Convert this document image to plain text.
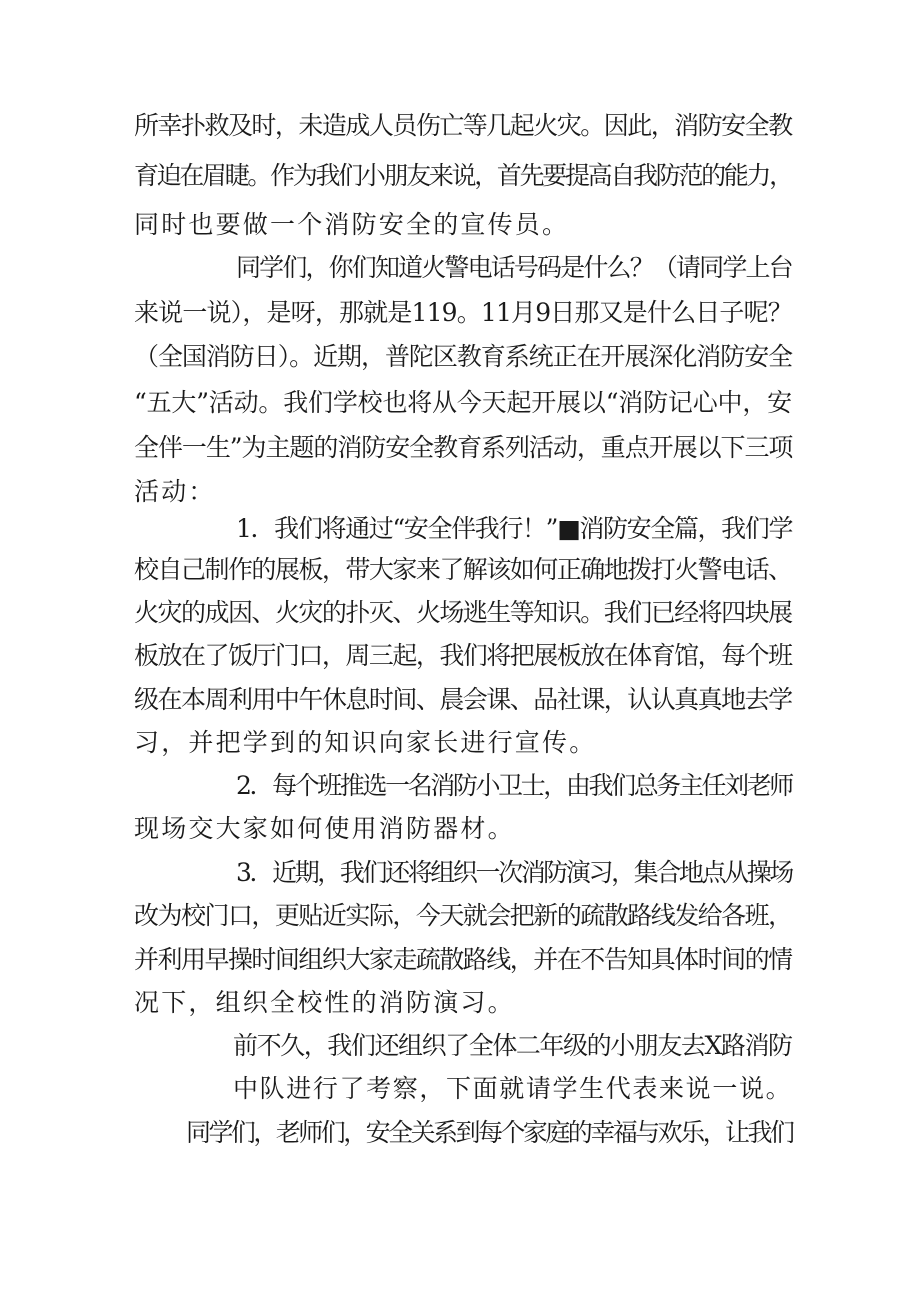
所幸扑救及时，未造成人员伤亡等几起火灾。因此，消防安全教
育迫在眉睫。作为我们小朋友来说，首先要提高自我防范的能力，
同时也要做一个消防安全的宣传员。
同学们，你们知道火警电话号码是什么？（请同学上台
来说一说），是呀，那就是119。11月9日那又是什么日子呢？
（全国消防日）。近期，普陀区教育系统正在开展深化消防安全
“五大”活动。我们学校也将从今天起开展以“消防记心中，安
全伴一生”为主题的消防安全教育系列活动，重点开展以下三项
活动：
1．我们将通过“安全伴我行！”■消防安全篇，我们学
校自己制作的展板，带大家来了解该如何正确地拨打火警电话、
火灾的成因、火灾的扑灭、火场逃生等知识。我们已经将四块展
板放在了饭厅门口，周三起，我们将把展板放在体育馆，每个班
级在本周利用中午休息时间、晨会课、品社课，认认真真地去学
习，并把学到的知识向家长进行宣传。
2．每个班推选一名消防小卫士，由我们总务主任刘老师
现场交大家如何使用消防器材。
3．近期，我们还将组织一次消防演习，集合地点从操场
改为校门口，更贴近实际，今天就会把新的疏散路线发给各班，
并利用早操时间组织大家走疏散路线，并在不告知具体时间的情
况下，组织全校性的消防演习。
前不久，我们还组织了全体二年级的小朋友去X路消防
中队进行了考察，下面就请学生代表来说一说。
同学们，老师们，安全关系到每个家庭的幸福与欢乐，让我们
